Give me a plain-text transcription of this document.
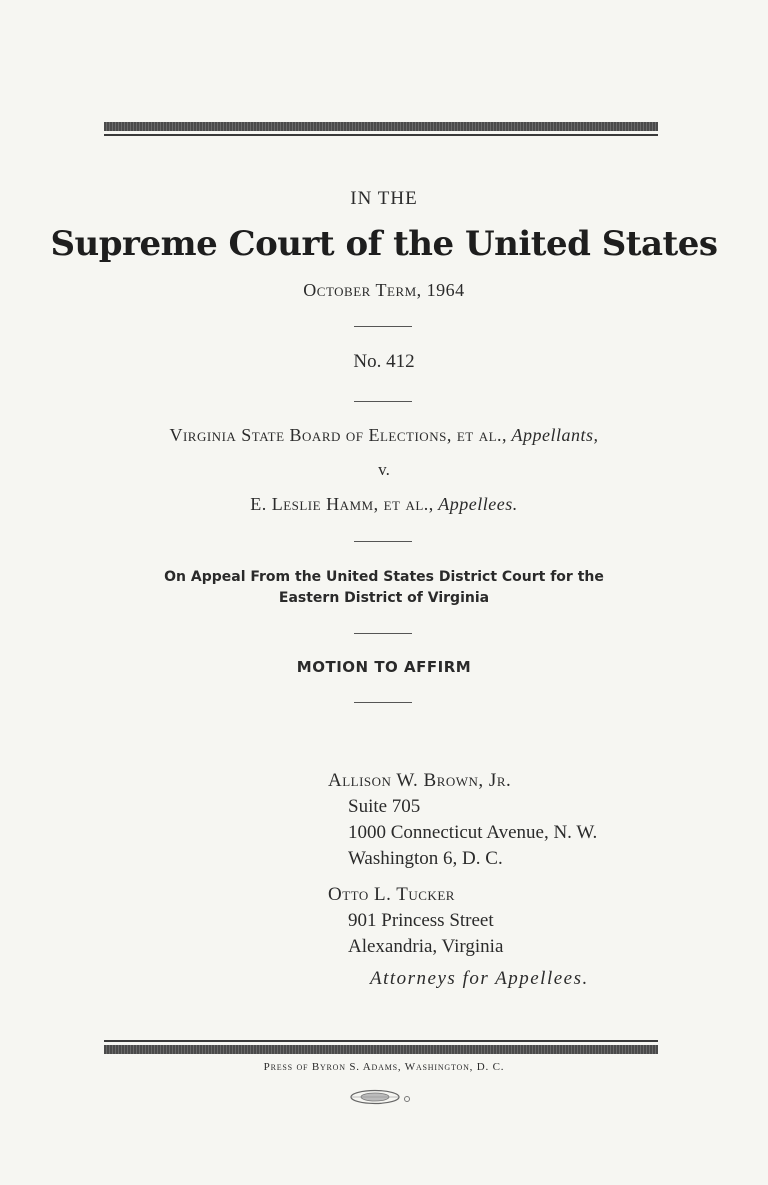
IN THE
Supreme Court of the United States
October Term, 1964
No. 412
Virginia State Board of Elections, et al., Appellants,
v.
E. Leslie Hamm, et al., Appellees.
On Appeal From the United States District Court for the
Eastern District of Virginia
MOTION TO AFFIRM
Allison W. Brown, Jr.
Suite 705
1000 Connecticut Avenue, N. W.
Washington 6, D. C.
Otto L. Tucker
901 Princess Street
Alexandria, Virginia
Attorneys for Appellees.
Press of Byron S. Adams, Washington, D. C.
